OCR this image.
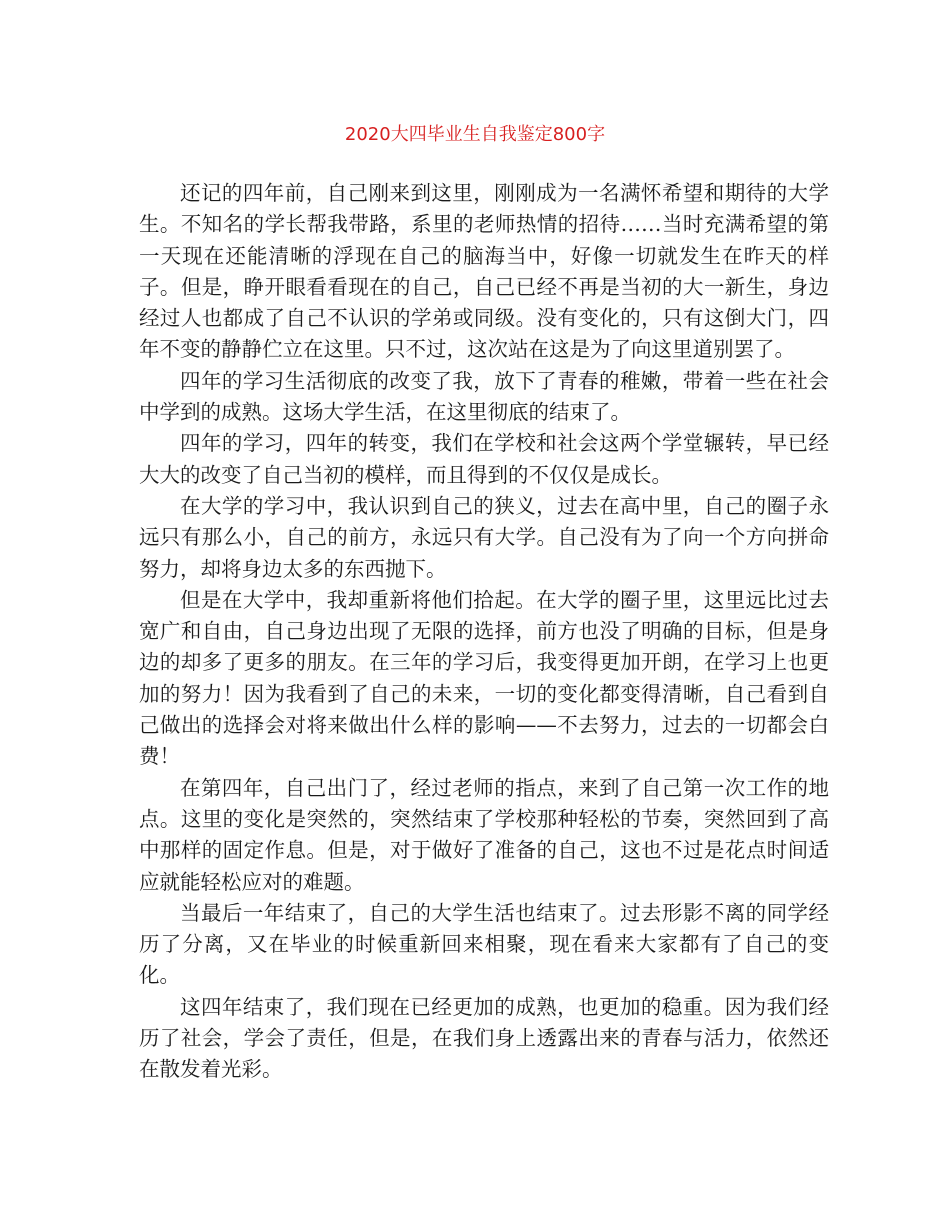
2020大四毕业生自我鉴定800字

还记的四年前，自己刚来到这里，刚刚成为一名满怀希望和期待的大学生。不知名的学长帮我带路，系里的老师热情的招待……当时充满希望的第一天现在还能清晰的浮现在自己的脑海当中，好像一切就发生在昨天的样子。但是，睁开眼看看现在的自己，自己已经不再是当初的大一新生，身边经过人也都成了自己不认识的学弟或同级。没有变化的，只有这倒大门，四年不变的静静伫立在这里。只不过，这次站在这是为了向这里道别罢了。

四年的学习生活彻底的改变了我，放下了青春的稚嫩，带着一些在社会中学到的成熟。这场大学生活，在这里彻底的结束了。

四年的学习，四年的转变，我们在学校和社会这两个学堂辗转，早已经大大的改变了自己当初的模样，而且得到的不仅仅是成长。

在大学的学习中，我认识到自己的狭义，过去在高中里，自己的圈子永远只有那么小，自己的前方，永远只有大学。自己没有为了向一个方向拼命努力，却将身边太多的东西抛下。

但是在大学中，我却重新将他们拾起。在大学的圈子里，这里远比过去宽广和自由，自己身边出现了无限的选择，前方也没了明确的目标，但是身边的却多了更多的朋友。在三年的学习后，我变得更加开朗，在学习上也更加的努力！因为我看到了自己的未来，一切的变化都变得清晰，自己看到自己做出的选择会对将来做出什么样的影响——不去努力，过去的一切都会白费！

在第四年，自己出门了，经过老师的指点，来到了自己第一次工作的地点。这里的变化是突然的，突然结束了学校那种轻松的节奏，突然回到了高中那样的固定作息。但是，对于做好了准备的自己，这也不过是花点时间适应就能轻松应对的难题。

当最后一年结束了，自己的大学生活也结束了。过去形影不离的同学经历了分离，又在毕业的时候重新回来相聚，现在看来大家都有了自己的变化。

这四年结束了，我们现在已经更加的成熟，也更加的稳重。因为我们经历了社会，学会了责任，但是，在我们身上透露出来的青春与活力，依然还在散发着光彩。
